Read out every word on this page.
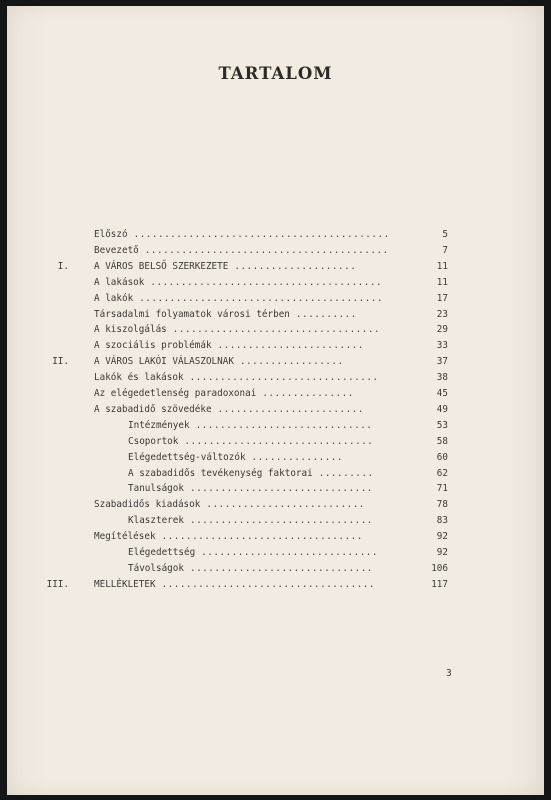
TARTALOM
Előszó ..........................................	5
Bevezető ........................................	7
I.	A VÁROS BELSŐ SZERKEZETE ....................	11
A lakások ......................................	11
A lakók ........................................	17
Társadalmi folyamatok városi térben ..........	23
A kiszolgálás ..................................	29
A szociális problémák ........................	33
II.	A VÁROS LAKÓI VÁLASZOLNAK .................	37
Lakók és lakások ...............................	38
Az elégedetlenség paradoxonai ...............	45
A szabadidő szövedéke ........................	49
Intézmények .............................	53
Csoportok ...............................	58
Elégedettség-változók ...............	60
A szabadidős tevékenység faktorai .........	62
Tanulságok ..............................	71
Szabadidős kiadások ..........................	78
Klaszterek ..............................	83
Megítélések .................................	92
Elégedettség .............................	92
Távolságok ..............................	106
III.	MELLÉKLETEK ...................................	117
3
